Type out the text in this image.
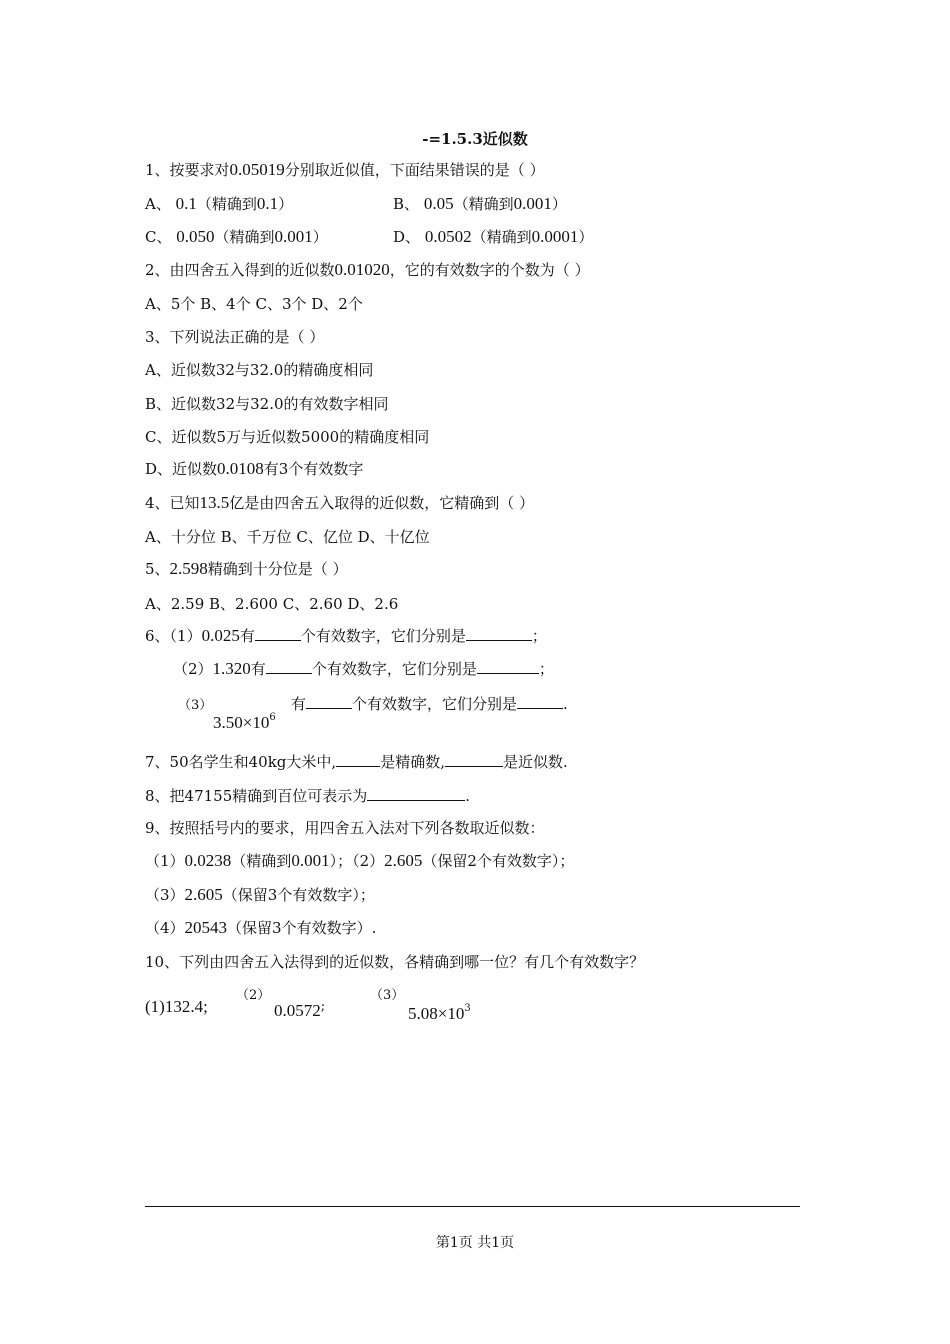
-=1.5.3近似数
1、按要求对0.05019分别取近似值，下面结果错误的是（ ）
A、 0.1（精确到0.1）	B、 0.05（精确到0.001）
C、 0.050（精确到0.001）	D、 0.0502（精确到0.0001）
2、由四舍五入得到的近似数0.01020，它的有效数字的个数为（ ）
A、5个 B、4个 C、3个 D、2个
3、下列说法正确的是（ ）
A、近似数32与32.0的精确度相同
B、近似数32与32.0的有效数字相同
C、近似数5万与近似数5000的精确度相同
D、近似数0.0108有3个有效数字
4、已知13.5亿是由四舍五入取得的近似数，它精确到（ ）
A、十分位 B、千万位 C、亿位 D、十亿位
5、2.598精确到十分位是（ ）
A、2.59 B、2.600 C、2.60 D、2.6
6、（1）0.025有	个有效数字，它们分别是	；
（2）1.320有	个有效数字，它们分别是	；
（3）
$3.50\times 10^6$
有	个有效数字，它们分别是	.
7、50名学生和40kg大米中,	是精确数,	是近似数.
8、把47155精确到百位可表示为	.
9、按照括号内的要求，用四舍五入法对下列各数取近似数：
（1）0.0238（精确到0.001）；（2）2.605（保留2个有效数字）；
（3）2.605（保留3个有效数字）；
（4）20543（保留3个有效数字）.
10、下列由四舍五入法得到的近似数，各精确到哪一位？有几个有效数字？
(1)132.4;
（2）
0.0572;
（3）
$5.08\times 10^3$
第1页 共1页
